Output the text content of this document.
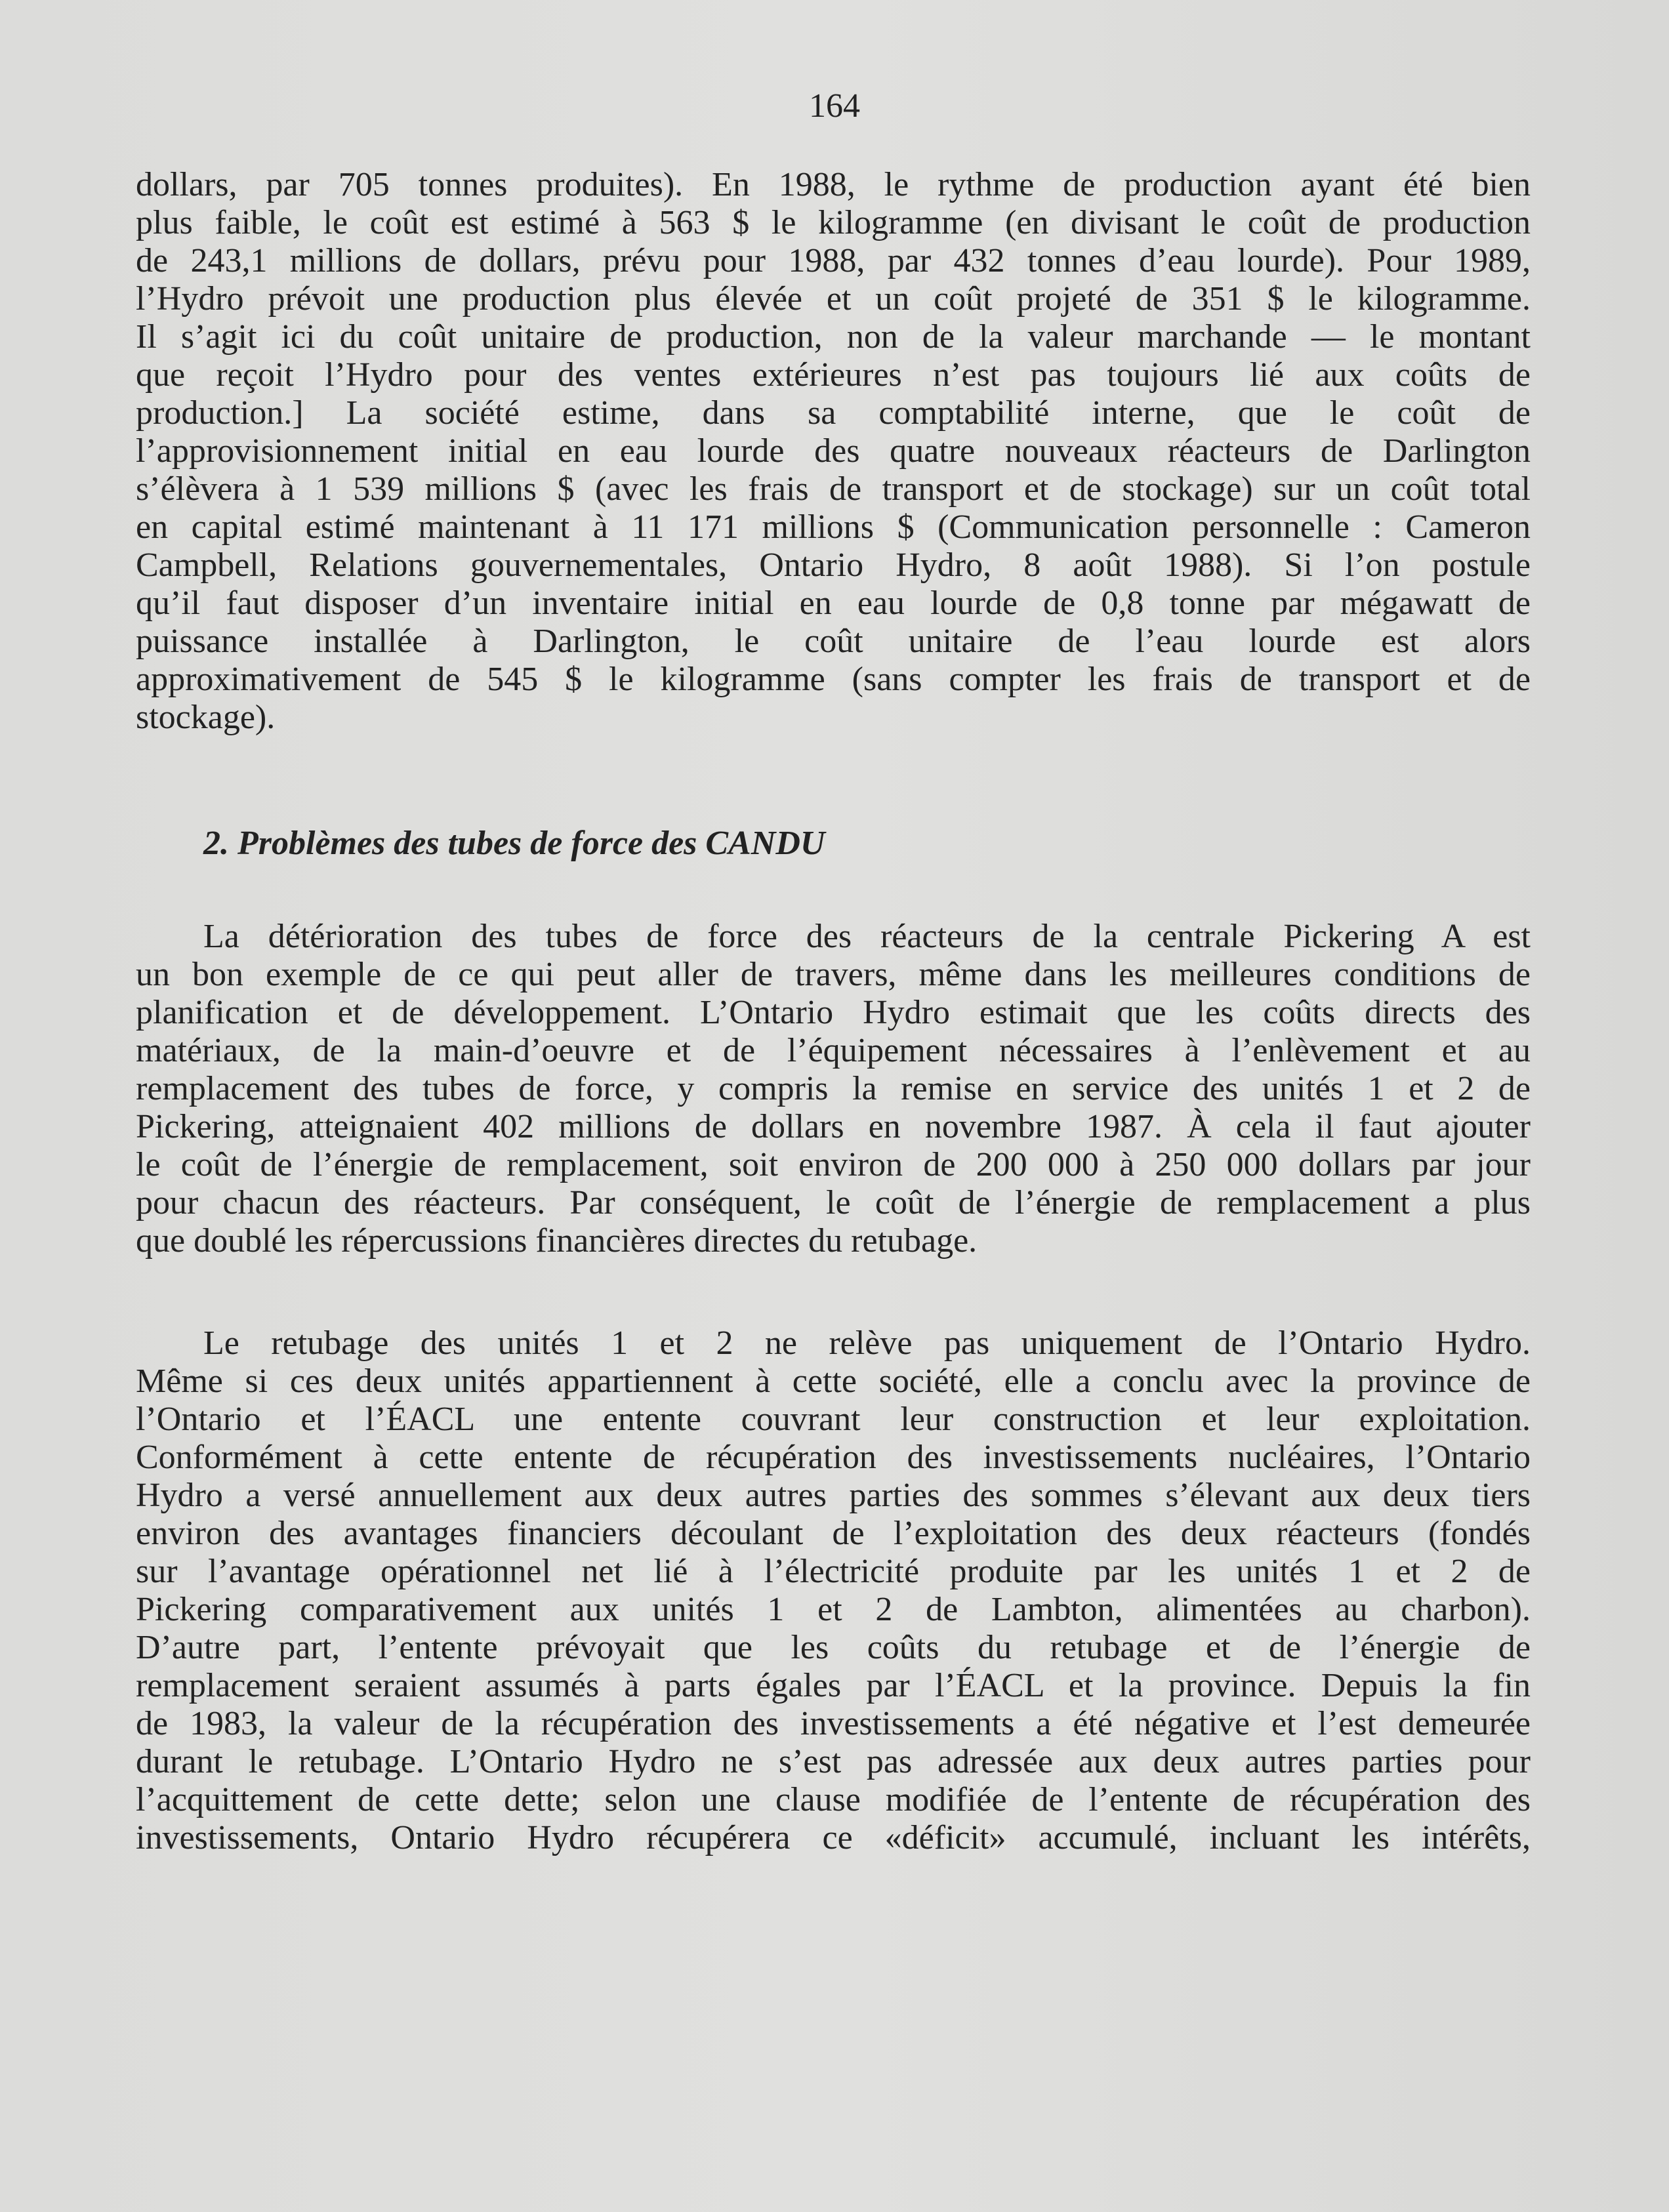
164
dollars, par 705 tonnes produites). En 1988, le rythme de production ayant été bien
plus faible, le coût est estimé à 563 $ le kilogramme (en divisant le coût de production
de 243,1 millions de dollars, prévu pour 1988, par 432 tonnes d’eau lourde). Pour 1989,
l’Hydro prévoit une production plus élevée et un coût projeté de 351 $ le kilogramme.
Il s’agit ici du coût unitaire de production, non de la valeur marchande — le montant
que reçoit l’Hydro pour des ventes extérieures n’est pas toujours lié aux coûts de
production.] La société estime, dans sa comptabilité interne, que le coût de
l’approvisionnement initial en eau lourde des quatre nouveaux réacteurs de Darlington
s’élèvera à 1 539 millions $ (avec les frais de transport et de stockage) sur un coût total
en capital estimé maintenant à 11 171 millions $ (Communication personnelle : Cameron
Campbell, Relations gouvernementales, Ontario Hydro, 8 août 1988). Si l’on postule
qu’il faut disposer d’un inventaire initial en eau lourde de 0,8 tonne par mégawatt de
puissance installée à Darlington, le coût unitaire de l’eau lourde est alors
approximativement de 545 $ le kilogramme (sans compter les frais de transport et de
stockage).
2. Problèmes des tubes de force des CANDU
La détérioration des tubes de force des réacteurs de la centrale Pickering A est
un bon exemple de ce qui peut aller de travers, même dans les meilleures conditions de
planification et de développement. L’Ontario Hydro estimait que les coûts directs des
matériaux, de la main-d’oeuvre et de l’équipement nécessaires à l’enlèvement et au
remplacement des tubes de force, y compris la remise en service des unités 1 et 2 de
Pickering, atteignaient 402 millions de dollars en novembre 1987. À cela il faut ajouter
le coût de l’énergie de remplacement, soit environ de 200 000 à 250 000 dollars par jour
pour chacun des réacteurs. Par conséquent, le coût de l’énergie de remplacement a plus
que doublé les répercussions financières directes du retubage.
Le retubage des unités 1 et 2 ne relève pas uniquement de l’Ontario Hydro.
Même si ces deux unités appartiennent à cette société, elle a conclu avec la province de
l’Ontario et l’ÉACL une entente couvrant leur construction et leur exploitation.
Conformément à cette entente de récupération des investissements nucléaires, l’Ontario
Hydro a versé annuellement aux deux autres parties des sommes s’élevant aux deux tiers
environ des avantages financiers découlant de l’exploitation des deux réacteurs (fondés
sur l’avantage opérationnel net lié à l’électricité produite par les unités 1 et 2 de
Pickering comparativement aux unités 1 et 2 de Lambton, alimentées au charbon).
D’autre part, l’entente prévoyait que les coûts du retubage et de l’énergie de
remplacement seraient assumés à parts égales par l’ÉACL et la province. Depuis la fin
de 1983, la valeur de la récupération des investissements a été négative et l’est demeurée
durant le retubage. L’Ontario Hydro ne s’est pas adressée aux deux autres parties pour
l’acquittement de cette dette; selon une clause modifiée de l’entente de récupération des
investissements, Ontario Hydro récupérera ce «déficit» accumulé, incluant les intérêts,
